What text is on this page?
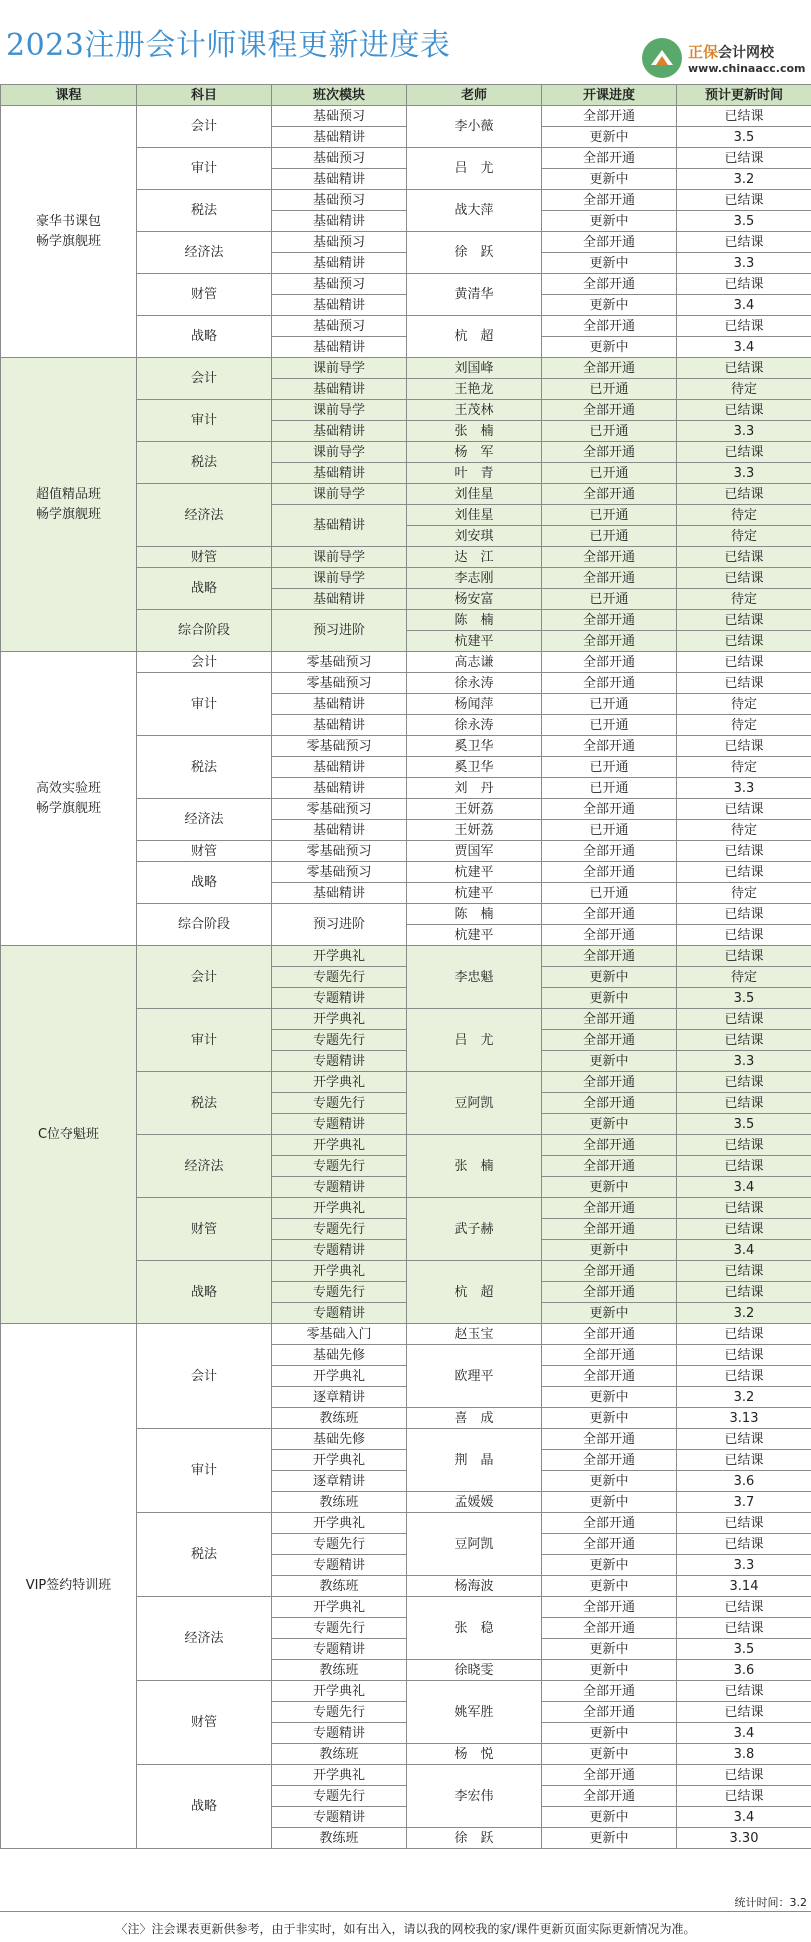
2023注册会计师课程更新进度表	正保会计网校
www.chinaacc.com
课程	科目	班次模块	老师	开课进度	预计更新时间
豪华书课包
畅学旗舰班	会计	基础预习	李小薇	全部开通	已结课
		基础精讲		更新中	3.5
	审计	基础预习	吕　尤	全部开通	已结课
		基础精讲		更新中	3.2
	税法	基础预习	战大萍	全部开通	已结课
		基础精讲		更新中	3.5
	经济法	基础预习	徐　跃	全部开通	已结课
		基础精讲		更新中	3.3
	财管	基础预习	黄清华	全部开通	已结课
		基础精讲		更新中	3.4
	战略	基础预习	杭　超	全部开通	已结课
		基础精讲		更新中	3.4
超值精品班
畅学旗舰班	会计	课前导学	刘国峰	全部开通	已结课
		基础精讲	王艳龙	已开通	待定
	审计	课前导学	王茂林	全部开通	已结课
		基础精讲	张　楠	已开通	3.3
	税法	课前导学	杨　军	全部开通	已结课
		基础精讲	叶　青	已开通	3.3
	经济法	课前导学	刘佳星	全部开通	已结课
		基础精讲	刘佳星	已开通	待定
			刘安琪	已开通	待定
	财管	课前导学	达　江	全部开通	已结课
	战略	课前导学	李志刚	全部开通	已结课
		基础精讲	杨安富	已开通	待定
	综合阶段	预习进阶	陈　楠	全部开通	已结课
			杭建平	全部开通	已结课
高效实验班
畅学旗舰班	会计	零基础预习	高志谦	全部开通	已结课

	审计	零基础预习	徐永涛	全部开通	已结课
		基础精讲	杨闻萍	已开通	待定
		基础精讲	徐永涛	已开通	待定
	税法	零基础预习	奚卫华	全部开通	已结课
		基础精讲	奚卫华	已开通	待定
		基础精讲	刘　丹	已开通	3.3
	经济法	零基础预习	王妍荔	全部开通	已结课
		基础精讲	王妍荔	已开通	待定
	财管	零基础预习	贾国军	全部开通	已结课
	战略	零基础预习	杭建平	全部开通	已结课
		基础精讲	杭建平	已开通	待定
	综合阶段	预习进阶	陈　楠	全部开通	已结课
			杭建平	全部开通	已结课
C位夺魁班	会计	开学典礼	李忠魁	全部开通	已结课
		专题先行		更新中	待定
		专题精讲		更新中	3.5
	审计	开学典礼	吕　尤	全部开通	已结课
		专题先行		全部开通	已结课
		专题精讲		更新中	3.3
	税法	开学典礼	豆阿凯	全部开通	已结课
		专题先行		全部开通	已结课
		专题精讲		更新中	3.5
	经济法	开学典礼	张　楠	全部开通	已结课
		专题先行		全部开通	已结课
		专题精讲		更新中	3.4
	财管	开学典礼	武子赫	全部开通	已结课
		专题先行		全部开通	已结课
		专题精讲		更新中	3.4
	战略	开学典礼	杭　超	全部开通	已结课
		专题先行		全部开通	已结课
		专题精讲		更新中	3.2
VIP签约特训班	会计	零基础入门	赵玉宝	全部开通	已结课

		基础先修	欧理平	全部开通	已结课
		开学典礼		全部开通	已结课
		逐章精讲		更新中	3.2
		教练班	喜　成	更新中	3.13
	审计	基础先修	荆　晶	全部开通	已结课
		开学典礼		全部开通	已结课
		逐章精讲		更新中	3.6
		教练班	孟媛媛	更新中	3.7
	税法	开学典礼	豆阿凯	全部开通	已结课
		专题先行		全部开通	已结课
		专题精讲		更新中	3.3
		教练班	杨海波	更新中	3.14
	经济法	开学典礼	张　稳	全部开通	已结课
		专题先行		全部开通	已结课
		专题精讲		更新中	3.5
		教练班	徐晓雯	更新中	3.6
	财管	开学典礼	姚军胜	全部开通	已结课
		专题先行		全部开通	已结课
		专题精讲		更新中	3.4
		教练班	杨　悦	更新中	3.8
	战略	开学典礼	李宏伟	全部开通	已结课
		专题先行		全部开通	已结课
		专题精讲		更新中	3.4
		教练班	徐　跃	更新中	3.30
统计时间：3.2
〈注〉注会课表更新供参考，由于非实时，如有出入，请以我的网校我的家/课件更新页面实际更新情况为准。
